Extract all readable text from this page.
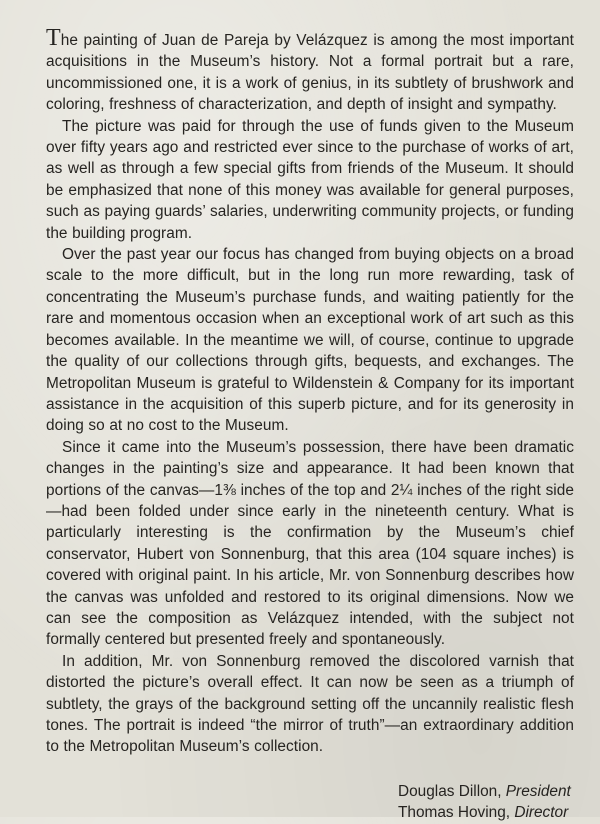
The painting of Juan de Pareja by Velázquez is among the most important acquisitions in the Museum’s history. Not a formal portrait but a rare, uncommissioned one, it is a work of genius, in its subtlety of brushwork and coloring, freshness of characterization, and depth of insight and sympathy.

The picture was paid for through the use of funds given to the Museum over fifty years ago and restricted ever since to the purchase of works of art, as well as through a few special gifts from friends of the Museum. It should be emphasized that none of this money was available for general purposes, such as paying guards’ salaries, underwriting community projects, or funding the building program.

Over the past year our focus has changed from buying objects on a broad scale to the more difficult, but in the long run more rewarding, task of concentrating the Museum’s purchase funds, and waiting patiently for the rare and momentous occasion when an exceptional work of art such as this becomes available. In the meantime we will, of course, continue to upgrade the quality of our collections through gifts, bequests, and exchanges. The Metropolitan Museum is grateful to Wildenstein & Company for its important assistance in the acquisition of this superb picture, and for its generosity in doing so at no cost to the Museum.

Since it came into the Museum’s possession, there have been dramatic changes in the painting’s size and appearance. It had been known that portions of the canvas—1⅜ inches of the top and 2¼ inches of the right side—had been folded under since early in the nineteenth century. What is particularly interesting is the confirmation by the Museum’s chief conservator, Hubert von Sonnenburg, that this area (104 square inches) is covered with original paint. In his article, Mr. von Sonnenburg describes how the canvas was unfolded and restored to its original dimensions. Now we can see the composition as Velázquez intended, with the subject not formally centered but presented freely and spontaneously.

In addition, Mr. von Sonnenburg removed the discolored varnish that distorted the picture’s overall effect. It can now be seen as a triumph of subtlety, the grays of the background setting off the uncannily realistic flesh tones. The portrait is indeed “the mirror of truth”—an extraordinary addition to the Metropolitan Museum’s collection.

Douglas Dillon, President
Thomas Hoving, Director
